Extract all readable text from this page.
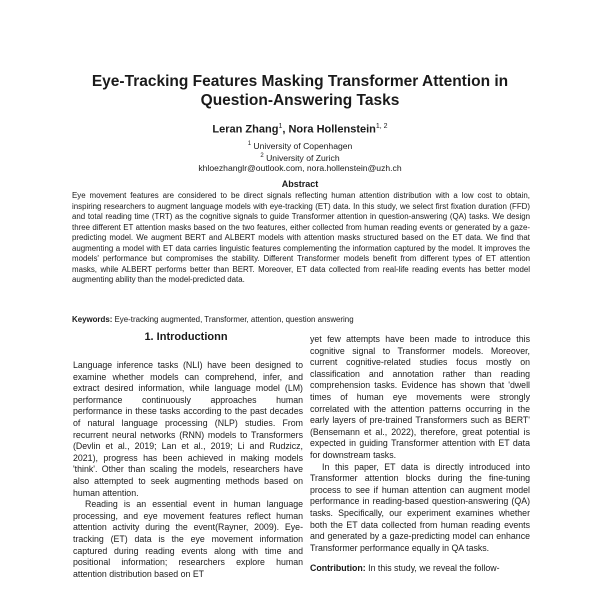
Eye-Tracking Features Masking Transformer Attention in
Question-Answering Tasks
Leran Zhang$^1$, Nora Hollenstein$^{1, 2}$
$^1$ University of Copenhagen
$^2$ University of Zurich
khloezhanglr@outlook.com, nora.hollenstein@uzh.ch
Abstract
Eye movement features are considered to be direct signals reflecting human attention distribution with a low cost to obtain, inspiring researchers to augment language models with eye-tracking (ET) data. In this study, we select first fixation duration (FFD) and total reading time (TRT) as the cognitive signals to guide Transformer attention in question-answering (QA) tasks. We design three different ET attention masks based on the two features, either collected from human reading events or generated by a gaze-predicting model. We augment BERT and ALBERT models with attention masks structured based on the ET data. We find that augmenting a model with ET data carries linguistic features complementing the information captured by the model. It improves the models' performance but compromises the stability. Different Transformer models benefit from different types of ET attention masks, while ALBERT performs better than BERT. Moreover, ET data collected from real-life reading events has better model augmenting ability than the model-predicted data.
Keywords: Eye-tracking augmented, Transformer, attention, question answering
1. Introductionn

Language inference tasks (NLI) have been designed to examine whether models can comprehend, infer, and extract desired information, while language model (LM) performance continuously approaches human performance in these tasks according to the past decades of natural language processing (NLP) studies. From recurrent neural networks (RNN) models to Transformers (Devlin et al., 2019; Lan et al., 2019; Li and Rudzicz, 2021), progress has been achieved in making models 'think'. Other than scaling the models, researchers have also attempted to seek augmenting methods based on human attention.

Reading is an essential event in human language processing, and eye movement features reflect human attention activity during the event(Rayner, 2009). Eye-tracking (ET) data is the eye movement information captured during reading events along with time and positional information; researchers explore human attention distribution based on ET

yet few attempts have been made to introduce this cognitive signal to Transformer models. Moreover, current cognitive-related studies focus mostly on classification and annotation rather than reading comprehension tasks. Evidence has shown that 'dwell times of human eye movements were strongly correlated with the attention patterns occurring in the early layers of pre-trained Transformers such as BERT' (Bensemann et al., 2022), therefore, great potential is expected in guiding Transformer attention with ET data for downstream tasks.

In this paper, ET data is directly introduced into Transformer attention blocks during the fine-tuning process to see if human attention can augment model performance in reading-based question-answering (QA) tasks. Specifically, our experiment examines whether both the ET data collected from human reading events and generated by a gaze-predicting model can enhance Transformer performance equally in QA tasks.

Contribution: In this study, we reveal the follow-
